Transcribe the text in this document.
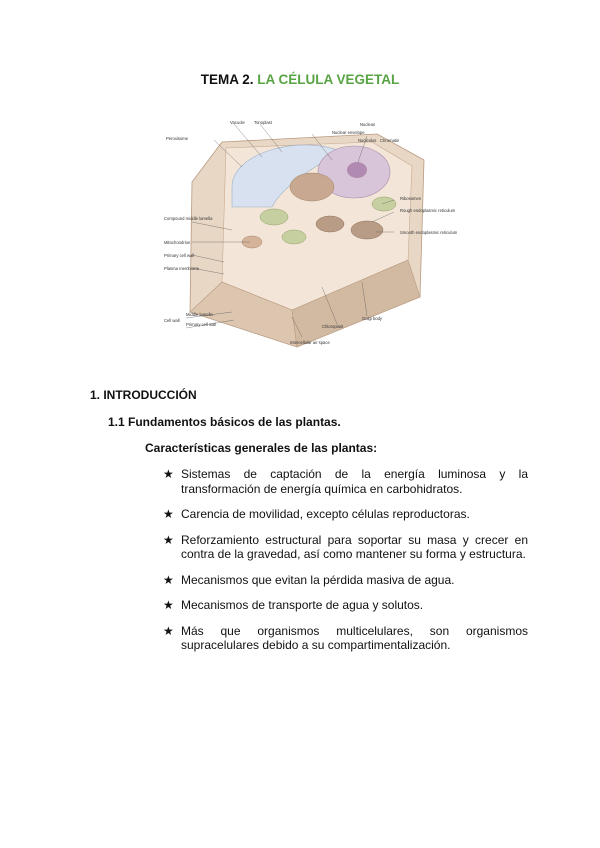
TEMA 2. LA CÉLULA VEGETAL
Vacuole Tonoplast	Nucleus
Nuclear envelope
Nucleolus Chromatin
Peroxisome
Ribosomes
Rough endoplasmic reticulum
Smooth endoplasmic reticulum
Compound middle lamella
Mitochondrion
Primary cell wall
Plasma membrane
Cell wall
Middle lamella
Primary cell wall	Chloroplast
Golgi body
Intercellular air space
1. INTRODUCCIÓN
1.1 Fundamentos básicos de las plantas.
Características generales de las plantas:
★ Sistemas de captación de la energía luminosa y la transformación de energía química en carbohidratos.
★ Carencia de movilidad, excepto células reproductoras.
★ Reforzamiento estructural para soportar su masa y crecer en contra de la gravedad, así como mantener su forma y estructura.
★ Mecanismos que evitan la pérdida masiva de agua.
★ Mecanismos de transporte de agua y solutos.
★ Más que organismos multicelulares, son organismos supracelulares debido a su compartimentalización.
